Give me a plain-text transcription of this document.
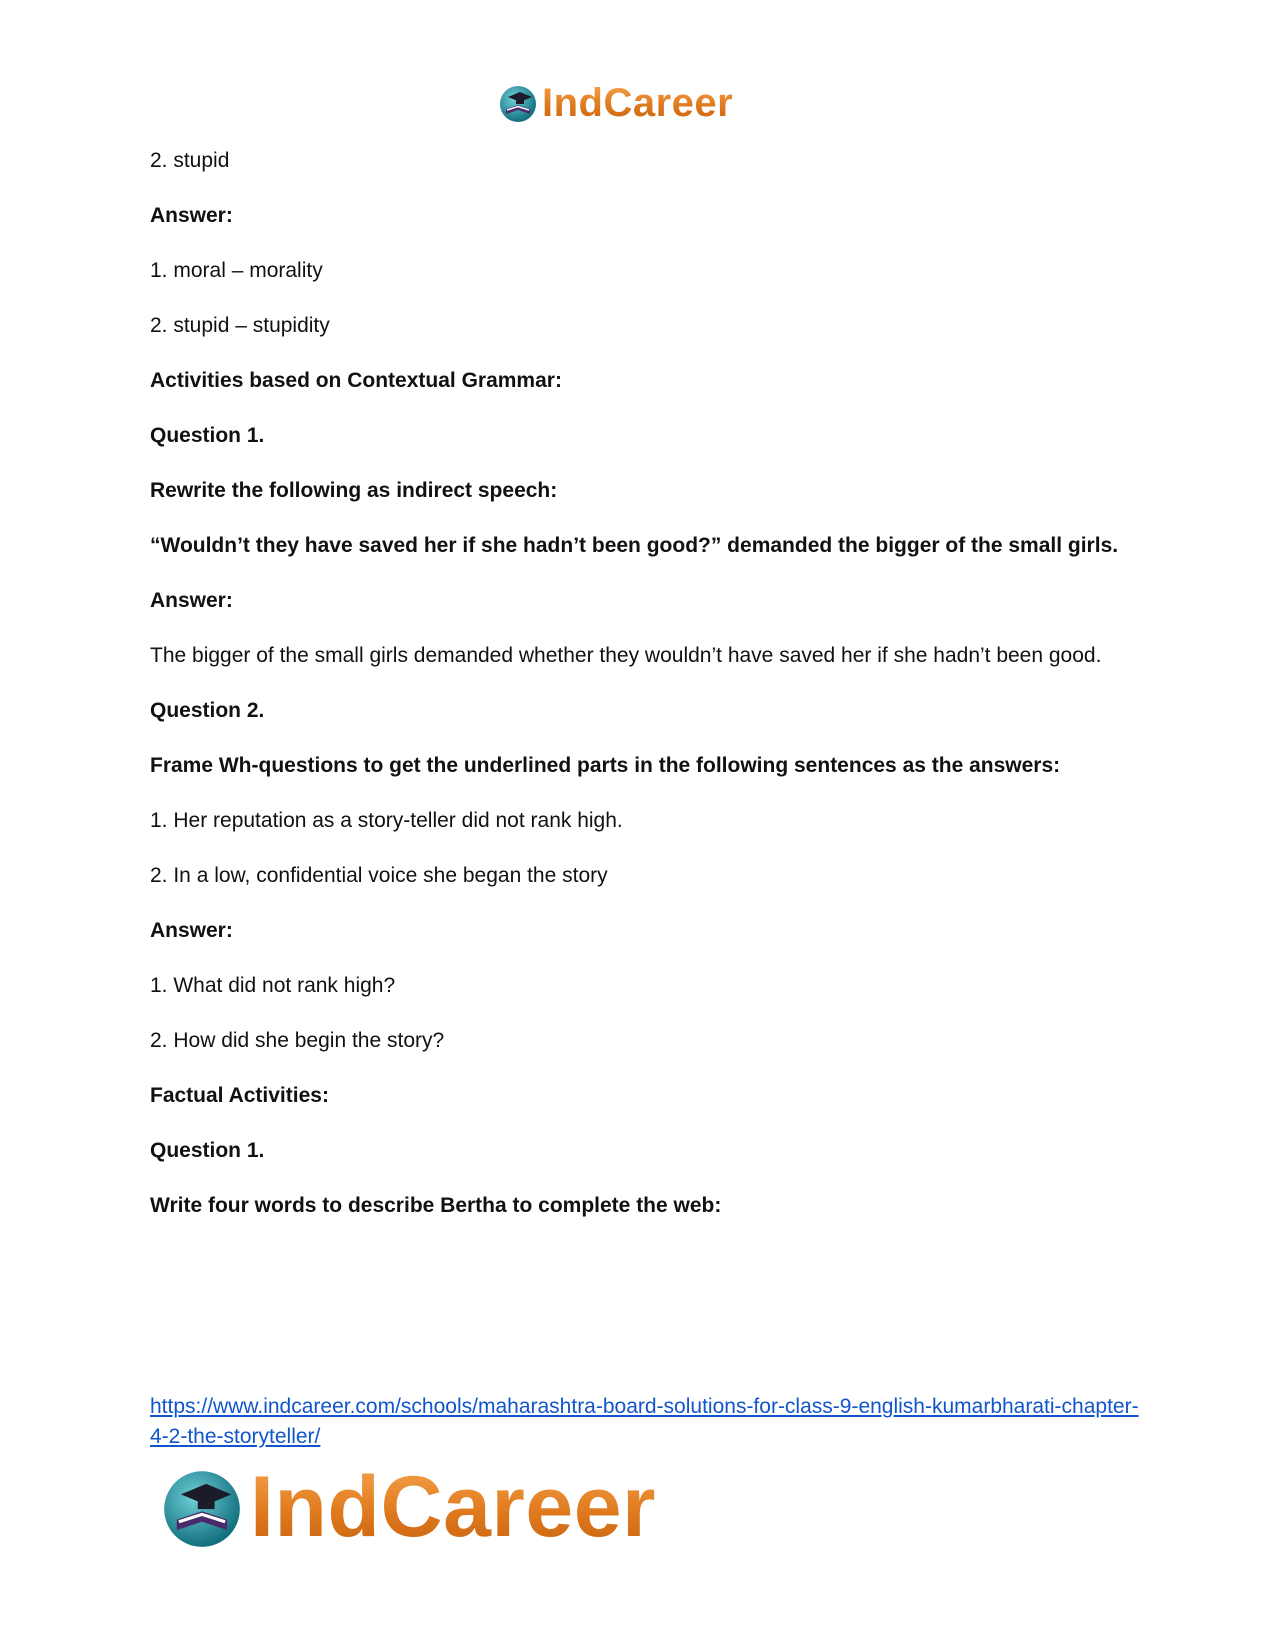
IndCareer

2. stupid

Answer:

1. moral – morality

2. stupid – stupidity

Activities based on Contextual Grammar:

Question 1.

Rewrite the following as indirect speech:

“Wouldn’t they have saved her if she hadn’t been good?” demanded the bigger of the small girls.

Answer:

The bigger of the small girls demanded whether they wouldn’t have saved her if she hadn’t been good.

Question 2.

Frame Wh-questions to get the underlined parts in the following sentences as the answers:

1. Her reputation as a story-teller did not rank high.

2. In a low, confidential voice she began the story

Answer:

1. What did not rank high?

2. How did she begin the story?

Factual Activities:

Question 1.

Write four words to describe Bertha to complete the web:

https://www.indcareer.com/schools/maharashtra-board-solutions-for-class-9-english-kumarbharati-chapter-4-2-the-storyteller/
IndCareer
